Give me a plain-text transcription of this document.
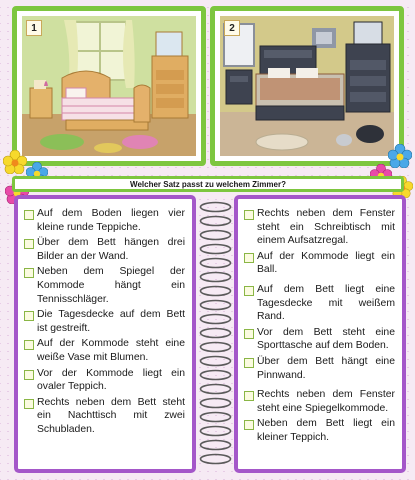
1	2
Welcher Satz passt zu welchem Zimmer?
Auf dem Boden liegen vier kleine runde Teppiche.
Über dem Bett hängen drei Bilder an der Wand.
Neben dem Spiegel der Kommode hängt ein Tennisschläger.
Die Tagesdecke auf dem Bett ist gestreift.
Auf der Kommode steht eine weiße Vase mit Blumen.
Vor der Kommode liegt ein ovaler Teppich.
Rechts neben dem Bett steht ein Nachttisch mit zwei Schubladen.
Rechts neben dem Fenster steht ein Schreibtisch mit einem Aufsatzregal.
Auf der Kommode liegt ein Ball.
Auf dem Bett liegt eine Tagesdecke mit weißem Rand.
Vor dem Bett steht eine Sporttasche auf dem Boden.
Über dem Bett hängt eine Pinnwand.
Rechts neben dem Fenster steht eine Spiegelkommode.
Neben dem Bett liegt ein kleiner Teppich.
